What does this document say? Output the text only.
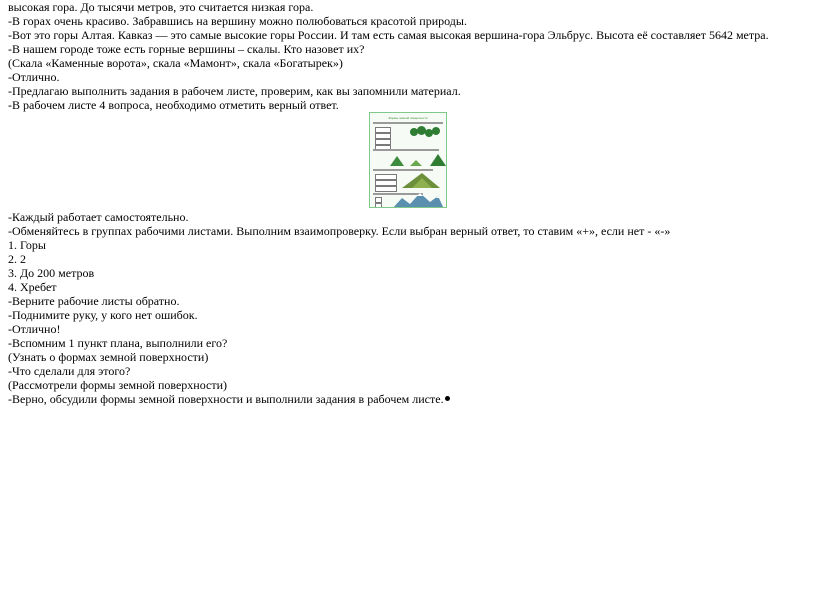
высокая гора. До тысячи метров, это считается низкая гора.
-В горах очень красиво. Забравшись на вершину можно полюбоваться красотой природы.
-Вот это горы Алтая. Кавказ — это самые высокие горы России. И там есть самая высокая вершина-гора Эльбрус. Высота её составляет 5642 метра.
-В нашем городе тоже есть горные вершины – скалы. Кто назовет их?
(Скала «Каменные ворота», скала «Мамонт», скала «Богатырек»)
-Отлично.
-Предлагаю выполнить задания в рабочем листе, проверим, как вы запомнили материал.
-В рабочем листе 4 вопроса, необходимо отметить верный ответ.
Формы земной поверхности
-Каждый работает самостоятельно.
-Обменяйтесь в группах рабочими листами. Выполним взаимопроверку. Если выбран верный ответ, то ставим «+», если нет - «-»
1. Горы
2. 2
3. До 200 метров
4. Хребет
-Верните рабочие листы обратно.
-Поднимите руку, у кого нет ошибок.
-Отлично!
-Вспомним 1 пункт плана, выполнили его?
(Узнать о формах земной поверхности)
-Что сделали для этого?
(Рассмотрели формы земной поверхности)
-Верно, обсудили формы земной поверхности и выполнили задания в рабочем листе.
